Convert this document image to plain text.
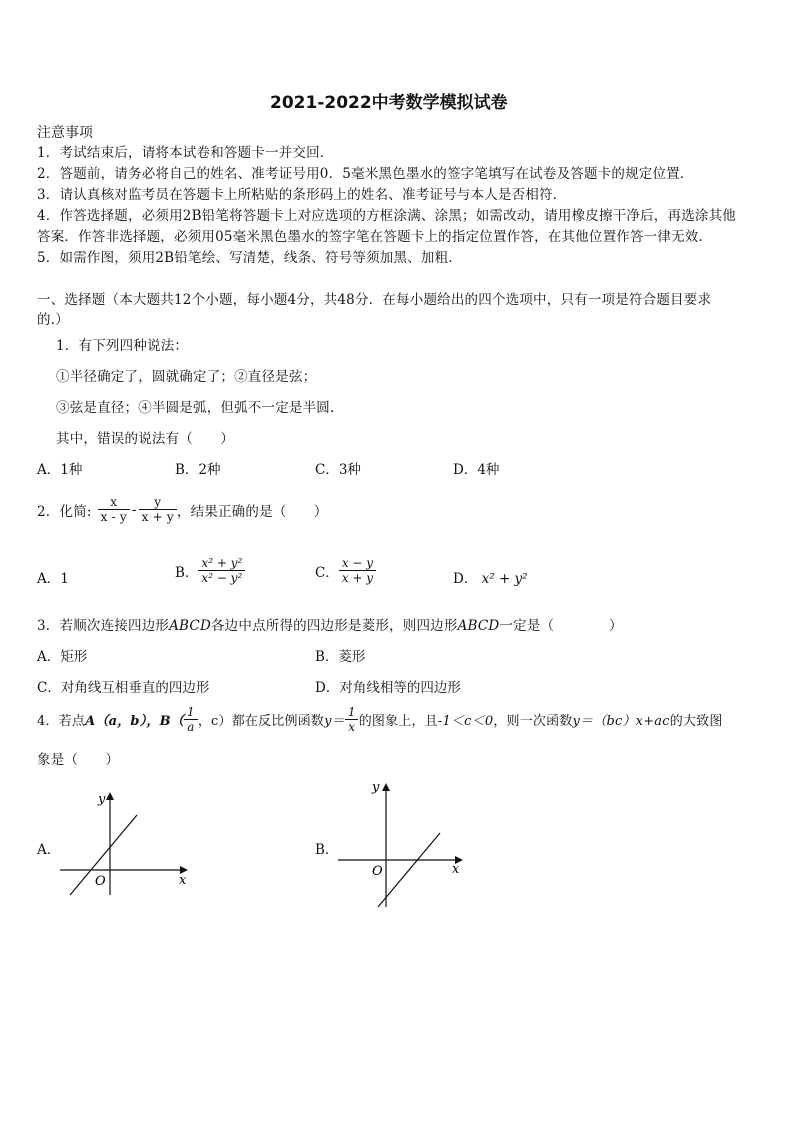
2021-2022中考数学模拟试卷
注意事项
1．考试结束后，请将本试卷和答题卡一并交回．
2．答题前，请务必将自己的姓名、准考证号用0．5毫米黑色墨水的签字笔填写在试卷及答题卡的规定位置．
3．请认真核对监考员在答题卡上所粘贴的条形码上的姓名、准考证号与本人是否相符．
4．作答选择题，必须用2B铅笔将答题卡上对应选项的方框涂满、涂黑；如需改动，请用橡皮擦干净后，再选涂其他
答案．作答非选择题，必须用05毫米黑色墨水的签字笔在答题卡上的指定位置作答，在其他位置作答一律无效．
5．如需作图，须用2B铅笔绘、写清楚，线条、符号等须加黑、加粗．
一、选择题（本大题共12个小题，每小题4分，共48分．在每小题给出的四个选项中，只有一项是符合题目要求
的.）
1．有下列四种说法：
①半径确定了，圆就确定了；②直径是弦；
③弦是直径；④半圆是弧，但弧不一定是半圆.
其中，错误的说法有（　　）
A．1种	B．2种	C．3种	D．4种
2．化简: $\frac{x}{x - y} - \frac{y}{x + y}$ ，结果正确的是（　　）
A．1	B． $\frac{\text{x² + y²}}{\text{x² − y²}}$	C． $\frac{x - y}{x + y}$	D． x² + y²
3．若顺次连接四边形ABCD各边中点所得的四边形是菱形，则四边形ABCD一定是（　　　　）
A．矩形	B．菱形
C．对角线互相垂直的四边形	D．对角线相等的四边形
4．若点 A（a，b），$B( \frac{1}{a}$ ，c）都在反比例函数 $y= \frac{1}{x}$ 的图象上，且 -1＜c＜0 ，则一次函数 y＝（bc）x+ac 的大致图
象是（　　）
A．
x
y
O
B．
x
y
O
